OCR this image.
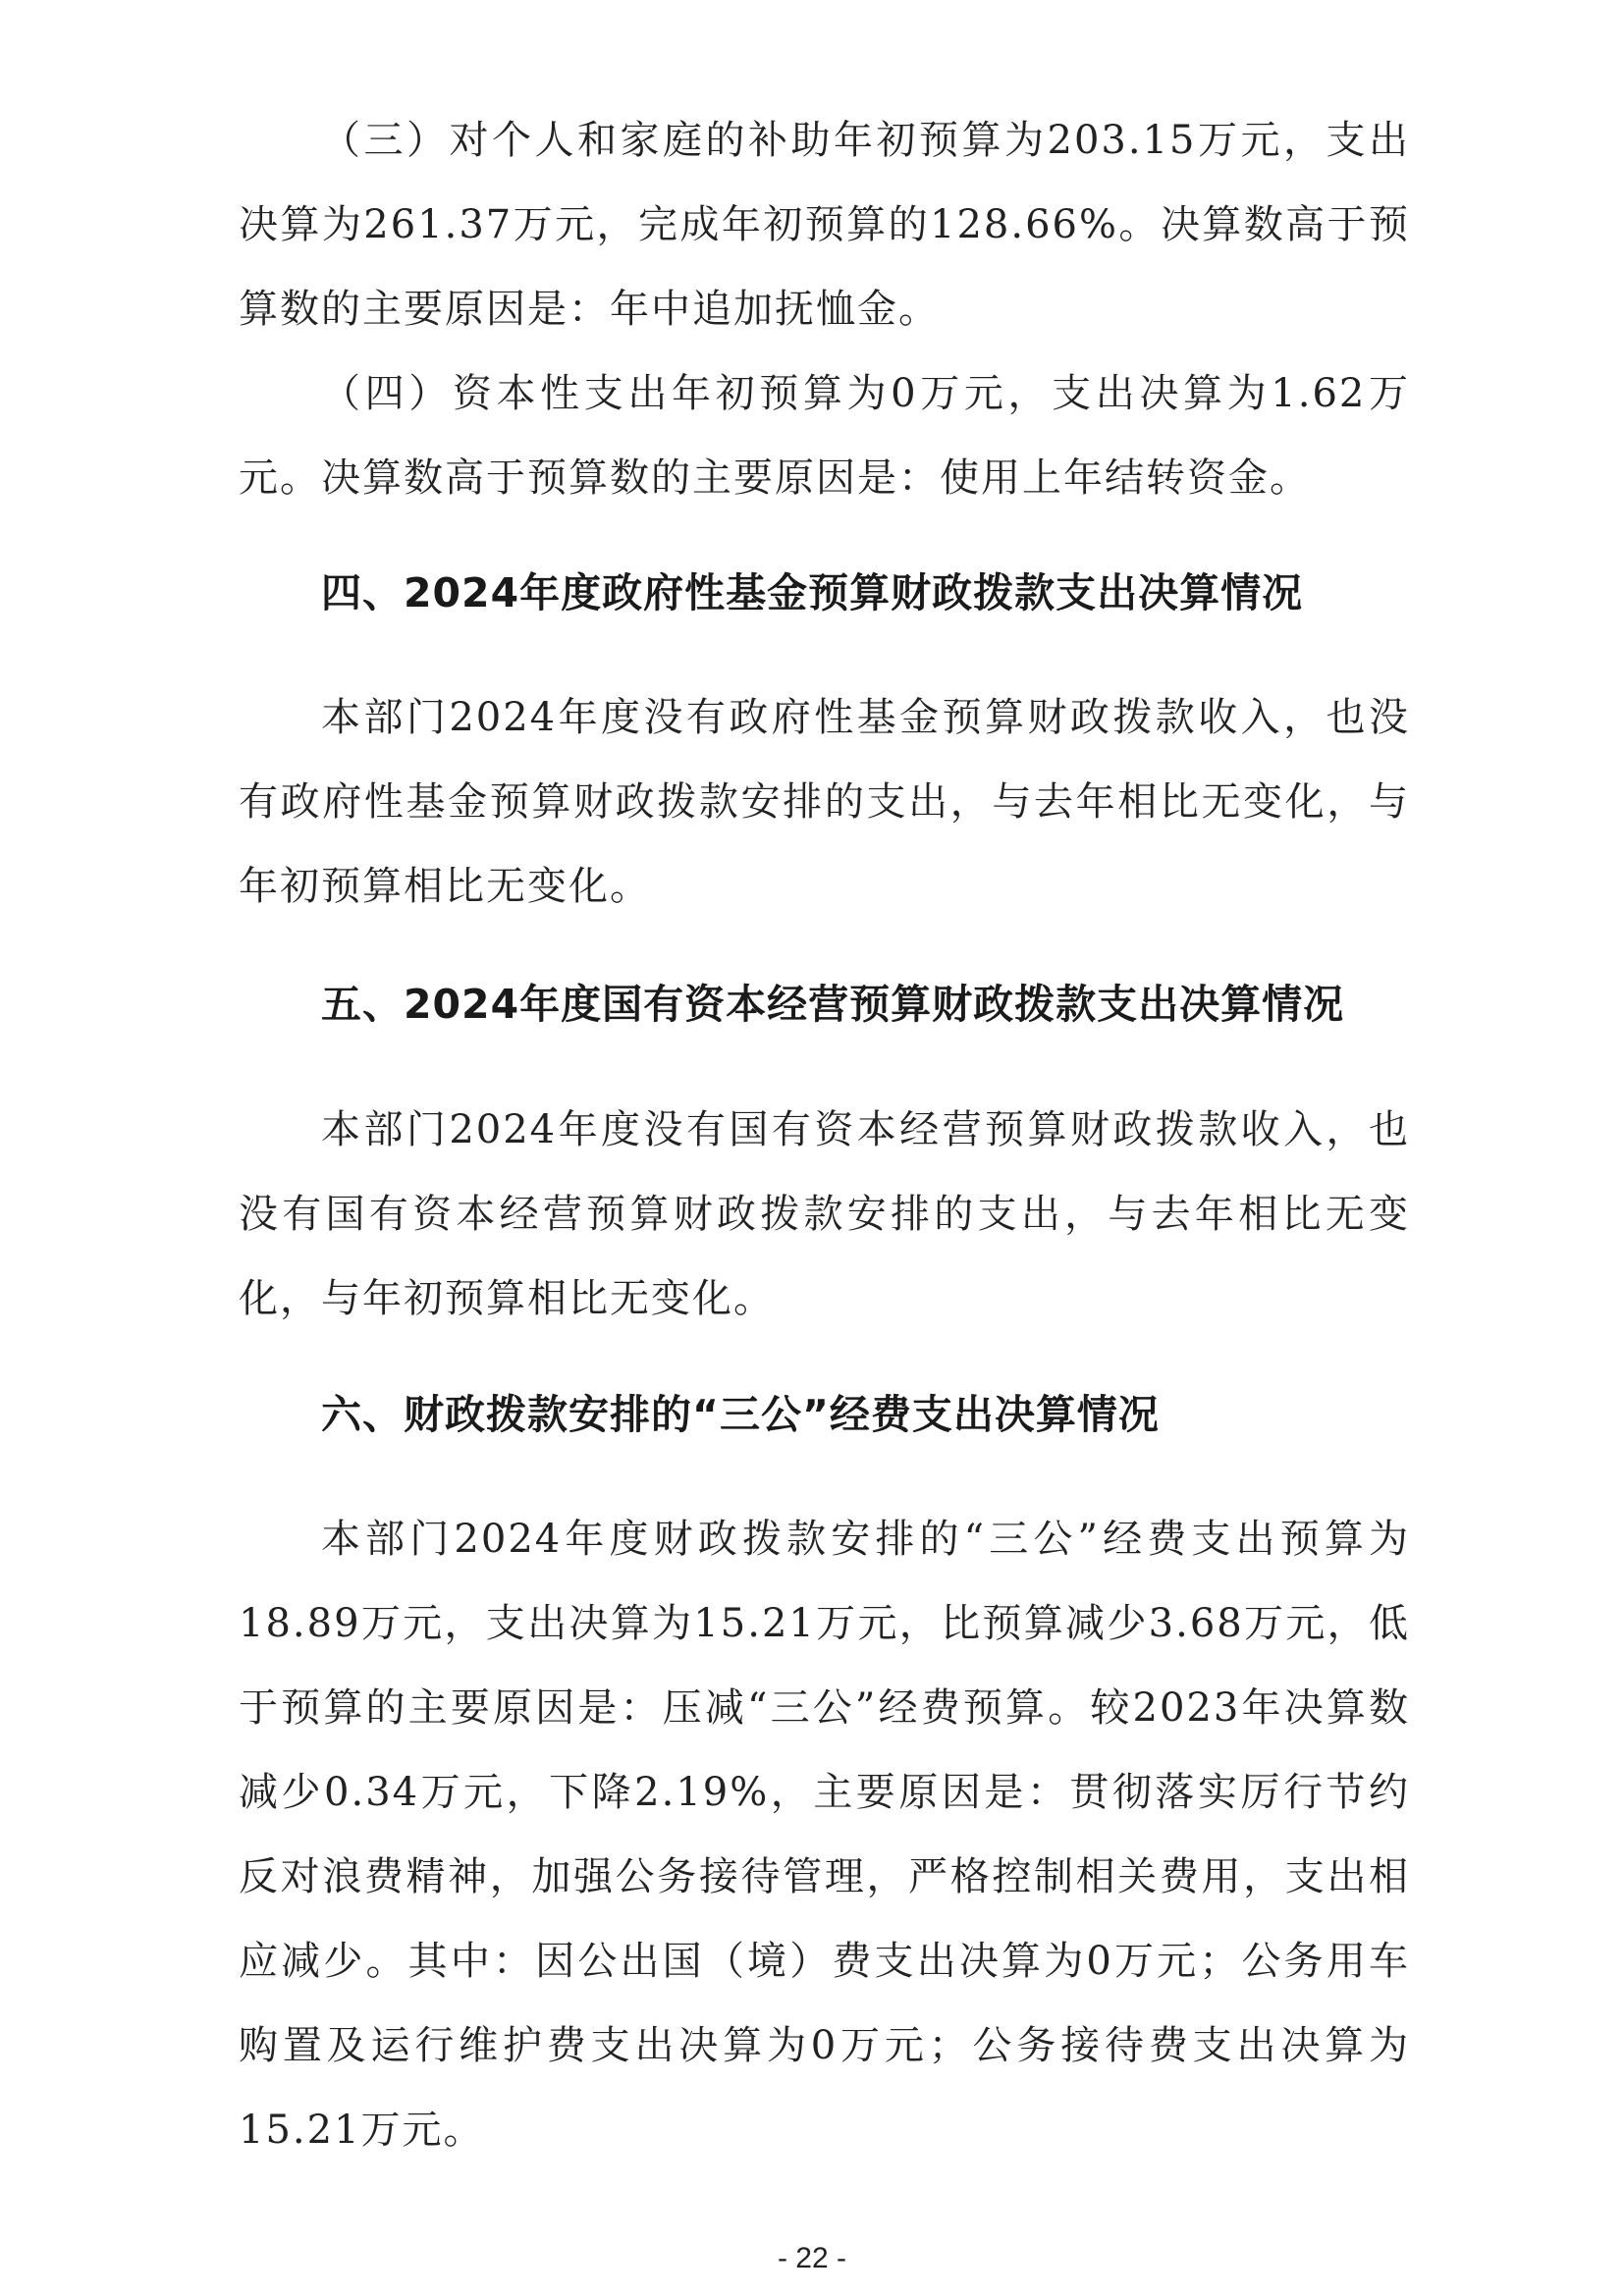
（三）对个人和家庭的补助年初预算为203.15万元，支出决算为261.37万元，完成年初预算的128.66%。决算数高于预算数的主要原因是：年中追加抚恤金。

（四）资本性支出年初预算为0万元，支出决算为1.62万元。决算数高于预算数的主要原因是：使用上年结转资金。

四、2024年度政府性基金预算财政拨款支出决算情况

本部门2024年度没有政府性基金预算财政拨款收入，也没有政府性基金预算财政拨款安排的支出，与去年相比无变化，与年初预算相比无变化。

五、2024年度国有资本经营预算财政拨款支出决算情况

本部门2024年度没有国有资本经营预算财政拨款收入，也没有国有资本经营预算财政拨款安排的支出，与去年相比无变化，与年初预算相比无变化。

六、财政拨款安排的“三公”经费支出决算情况

本部门2024年度财政拨款安排的“三公”经费支出预算为18.89万元，支出决算为15.21万元，比预算减少3.68万元，低于预算的主要原因是：压减“三公”经费预算。较2023年决算数减少0.34万元，下降2.19%，主要原因是：贯彻落实厉行节约反对浪费精神，加强公务接待管理，严格控制相关费用，支出相应减少。其中：因公出国（境）费支出决算为0万元；公务用车购置及运行维护费支出决算为0万元；公务接待费支出决算为15.21万元。

- 22 -
